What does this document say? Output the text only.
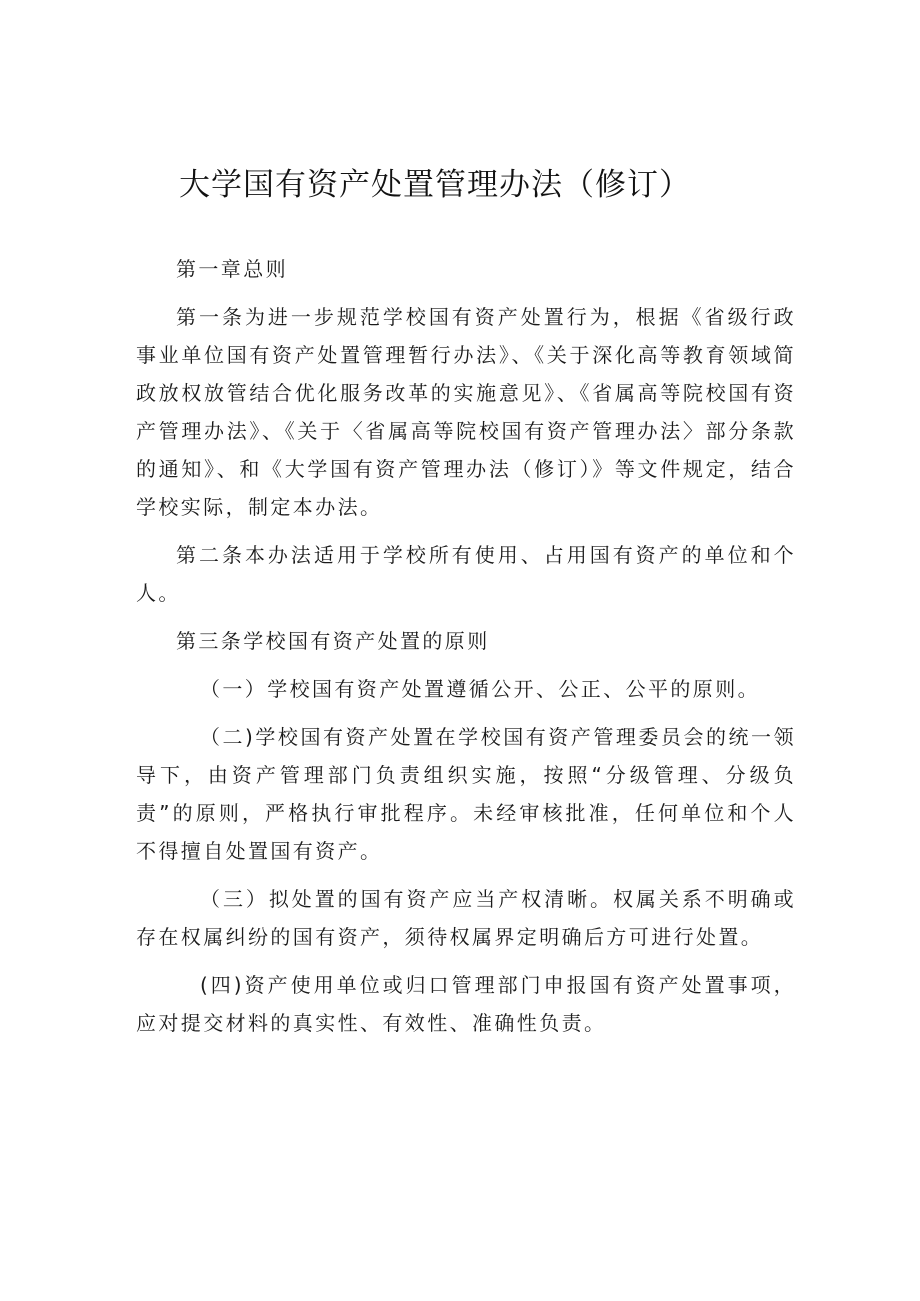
大学国有资产处置管理办法（修订）

第一章总则

第一条为进一步规范学校国有资产处置行为，根据《省级行政事业单位国有资产处置管理暂行办法》、《关于深化高等教育领域简政放权放管结合优化服务改革的实施意见》、《省属高等院校国有资产管理办法》、《关于〈省属高等院校国有资产管理办法〉部分条款的通知》、和《大学国有资产管理办法（修订）》等文件规定，结合学校实际，制定本办法。

第二条本办法适用于学校所有使用、占用国有资产的单位和个人。

第三条学校国有资产处置的原则

（一）学校国有资产处置遵循公开、公正、公平的原则。

（二)学校国有资产处置在学校国有资产管理委员会的统一领导下，由资产管理部门负责组织实施，按照“分级管理、分级负责”的原则，严格执行审批程序。未经审核批准，任何单位和个人不得擅自处置国有资产。

（三）拟处置的国有资产应当产权清晰。权属关系不明确或存在权属纠纷的国有资产，须待权属界定明确后方可进行处置。

(四)资产使用单位或归口管理部门申报国有资产处置事项，应对提交材料的真实性、有效性、准确性负责。
